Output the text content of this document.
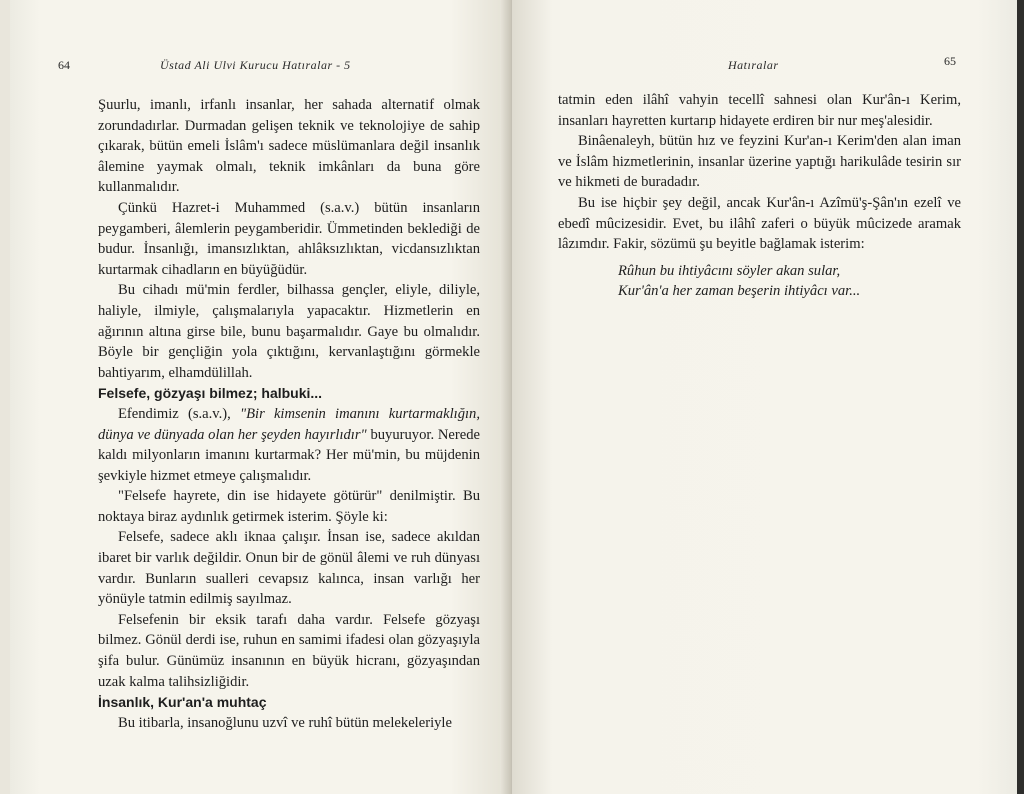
64	Üstad Ali Ulvi Kurucu Hatıralar - 5

Şuurlu, imanlı, irfanlı insanlar, her sahada alternatif olmak zorundadırlar. Durmadan gelişen teknik ve teknolojiye de sahip çıkarak, bütün emeli İslâm'ı sadece müslümanlara değil insanlık âlemine yaymak olmalı, teknik imkânları da buna göre kullanmalıdır.

Çünkü Hazret-i Muhammed (s.a.v.) bütün insanların peygamberi, âlemlerin peygamberidir. Ümmetinden beklediği de budur. İnsanlığı, imansızlıktan, ahlâksızlıktan, vicdansızlıktan kurtarmak cihadların en büyüğüdür.

Bu cihadı mü'min ferdler, bilhassa gençler, eliyle, diliyle, haliyle, ilmiyle, çalışmalarıyla yapacaktır. Hizmetlerin en ağırının altına girse bile, bunu başarmalıdır. Gaye bu olmalıdır. Böyle bir gençliğin yola çıktığını, kervanlaştığını görmekle bahtiyarım, elhamdülillah.

Felsefe, gözyaşı bilmez; halbuki...

Efendimiz (s.a.v.), "Bir kimsenin imanını kurtarmaklığın, dünya ve dünyada olan her şeyden hayırlıdır" buyuruyor. Nerede kaldı milyonların imanını kurtarmak? Her mü'min, bu müjdenin şevkiyle hizmet etmeye çalışmalıdır.

"Felsefe hayrete, din ise hidayete götürür" denilmiştir. Bu noktaya biraz aydınlık getirmek isterim. Şöyle ki:

Felsefe, sadece aklı iknaa çalışır. İnsan ise, sadece akıldan ibaret bir varlık değildir. Onun bir de gönül âlemi ve ruh dünyası vardır. Bunların sualleri cevapsız kalınca, insan varlığı her yönüyle tatmin edilmiş sayılmaz.

Felsefenin bir eksik tarafı daha vardır. Felsefe gözyaşı bilmez. Gönül derdi ise, ruhun en samimi ifadesi olan gözyaşıyla şifa bulur. Günümüz insanının en büyük hicranı, gözyaşından uzak kalma talihsizliğidir.

İnsanlık, Kur'an'a muhtaç

Bu itibarla, insanoğlunu uzvî ve ruhî bütün melekeleriyle

Hatıralar	65

tatmin eden ilâhî vahyin tecellî sahnesi olan Kur'ân-ı Kerim, insanları hayretten kurtarıp hidayete erdiren bir nur meş'alesidir.

Binâenaleyh, bütün hız ve feyzini Kur'an-ı Kerim'den alan iman ve İslâm hizmetlerinin, insanlar üzerine yaptığı harikulâde tesirin sır ve hikmeti de buradadır.

Bu ise hiçbir şey değil, ancak Kur'ân-ı Azîmü'ş-Şân'ın ezelî ve ebedî mûcizesidir. Evet, bu ilâhî zaferi o büyük mûcizede aramak lâzımdır. Fakir, sözümü şu beyitle bağlamak isterim:

Rûhun bu ihtiyâcını söyler akan sular,

Kur'ân'a her zaman beşerin ihtiyâcı var...
